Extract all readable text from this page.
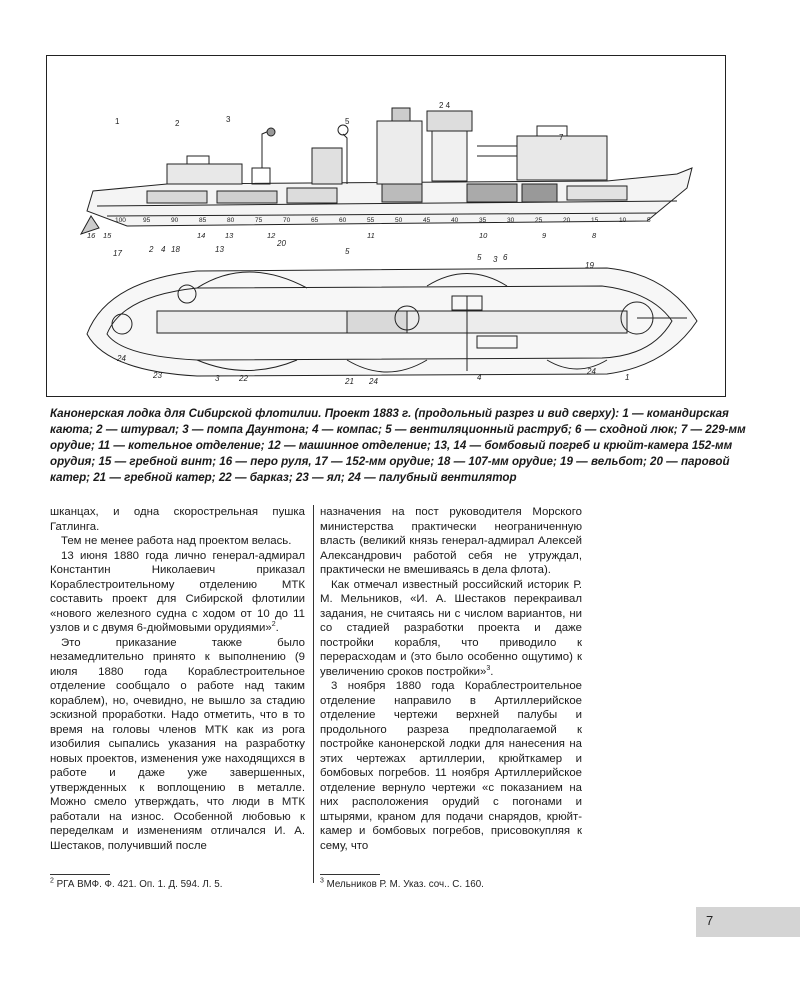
1	2	3	5
2 4
7
100	95	90	85	80	75	70	65	60	55	50	45	40	35	30	25	20	15	10	5
16 15	14	13	12	11	10	9	8
17	2 4 18	13
20
5
5 3 6
19
24
23	3 22	21 24	4
24
1
Канонерская лодка для Сибирской флотилии. Проект 1883 г. (продольный разрез и вид сверху): 1 — командирская каюта; 2 — штурвал; 3 — помпа Даунтона; 4 — компас; 5 — вентиляционный раструб; 6 — сходной люк; 7 — 229-мм орудие; 11 — котельное отделение; 12 — машинное отделение; 13, 14 — бомбовый погреб и крюйт-камера 152-мм орудия; 15 — гребной винт; 16 — перо руля, 17 — 152-мм орудие; 18 — 107-мм орудие; 19 — вельбот; 20 — паровой катер; 21 — гребной катер; 22 — барказ; 23 — ял; 24 — палубный вентилятор

шканцах, и одна скорострельная пушка Гатлинга.

Тем не менее работа над проектом велась.

13 июня 1880 года лично генерал-адмирал Константин Николаевич приказал Кораблестроительному отделению МТК составить проект для Сибирской флотилии «нового железного судна с ходом от 10 до 11 узлов и с двумя 6-дюймовыми орудиями»$^2$.

Это приказание также было незамедлительно принято к выполнению (9 июля 1880 года Кораблестроительное отделение сообщало о работе над таким кораблем), но, очевидно, не вышло за стадию эскизной проработки. Надо отметить, что в то время на головы членов МТК как из рога изобилия сыпались указания на разработку новых проектов, изменения уже находящихся в работе и даже уже завершенных, утвержденных к воплощению в металле. Можно смело утверждать, что люди в МТК работали на износ. Особенной любовью к переделкам и изменениям отличался И. А. Шестаков, получивший после

назначения на пост руководителя Морского министерства практически неограниченную власть (великий князь генерал-адмирал Алексей Александрович работой себя не утруждал, практически не вмешиваясь в дела флота).

Как отмечал известный российский историк Р. М. Мельников, «И. А. Шестаков перекраивал задания, не считаясь ни с числом вариантов, ни со стадией разработки проекта и даже постройки корабля, что приводило к перерасходам и (это было особенно ощутимо) к увеличению сроков постройки»$^3$.

3 ноября 1880 года Кораблестроительное отделение направило в Артиллерийское отделение чертежи верхней палубы и продольного разреза предполагаемой к постройке канонерской лодки для нанесения на этих чертежах артиллерии, крюйткамер и бомбовых погребов. 11 ноября Артиллерийское отделение вернуло чертежи «с показанием на них расположения орудий с погонами и штырями, краном для подачи снарядов, крюйт-камер и бомбовых погребов, присовокупляя к сему, что

$^2$ РГА ВМФ. Ф. 421. Оп. 1. Д. 594. Л. 5.	$^3$ Мельников Р. М. Указ. соч.. С. 160.
7
